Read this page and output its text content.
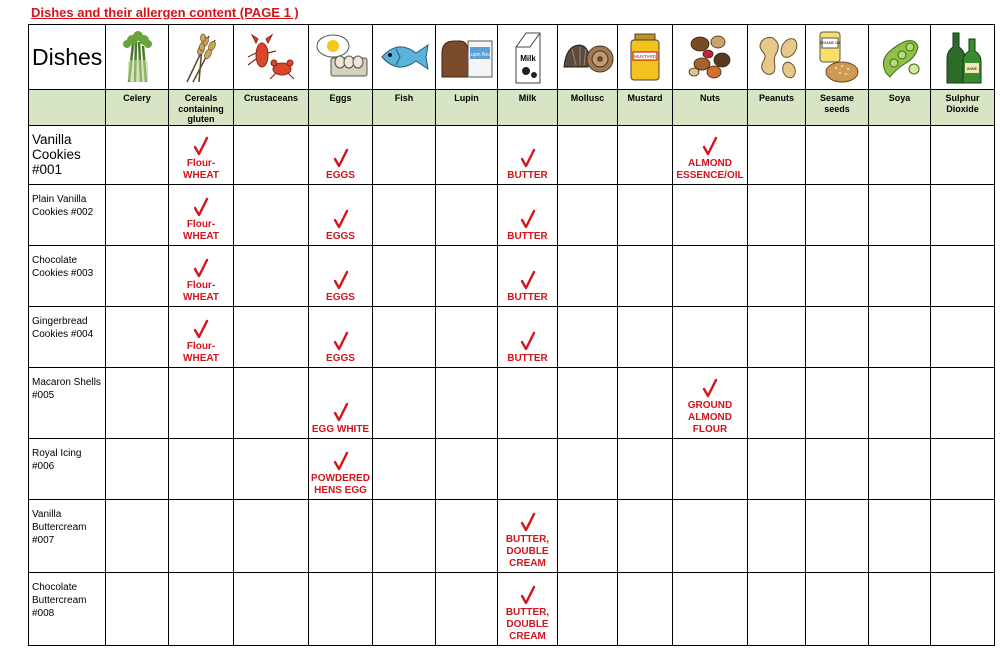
Dishes and their allergen content (PAGE 1 )
Dishes						Lupin flour	Milk		MUSTARD			SESAME OIL		WINE

	Celery	Cereals containing gluten	Crustaceans	Eggs	Fish	Lupin	Milk	Mollusc	Mustard	Nuts	Peanuts	Sesame seeds	Soya	Sulphur Dioxide
Vanilla Cookies #001		Flour-WHEAT		EGGS			BUTTER			ALMOND ESSENCE/OIL				

Plain Vanilla Cookies #002		Flour-WHEAT		EGGS			BUTTER							

Chocolate Cookies #003		Flour-WHEAT		EGGS			BUTTER							

Gingerbread Cookies #004		Flour-WHEAT		EGGS			BUTTER							

Macaron Shells #005				EGG WHITE						GROUND ALMOND FLOUR				

Royal Icing #006				POWDERED HENS EGG										

Vanilla Buttercream #007							BUTTER, DOUBLE CREAM							

Chocolate Buttercream #008							BUTTER, DOUBLE CREAM							
